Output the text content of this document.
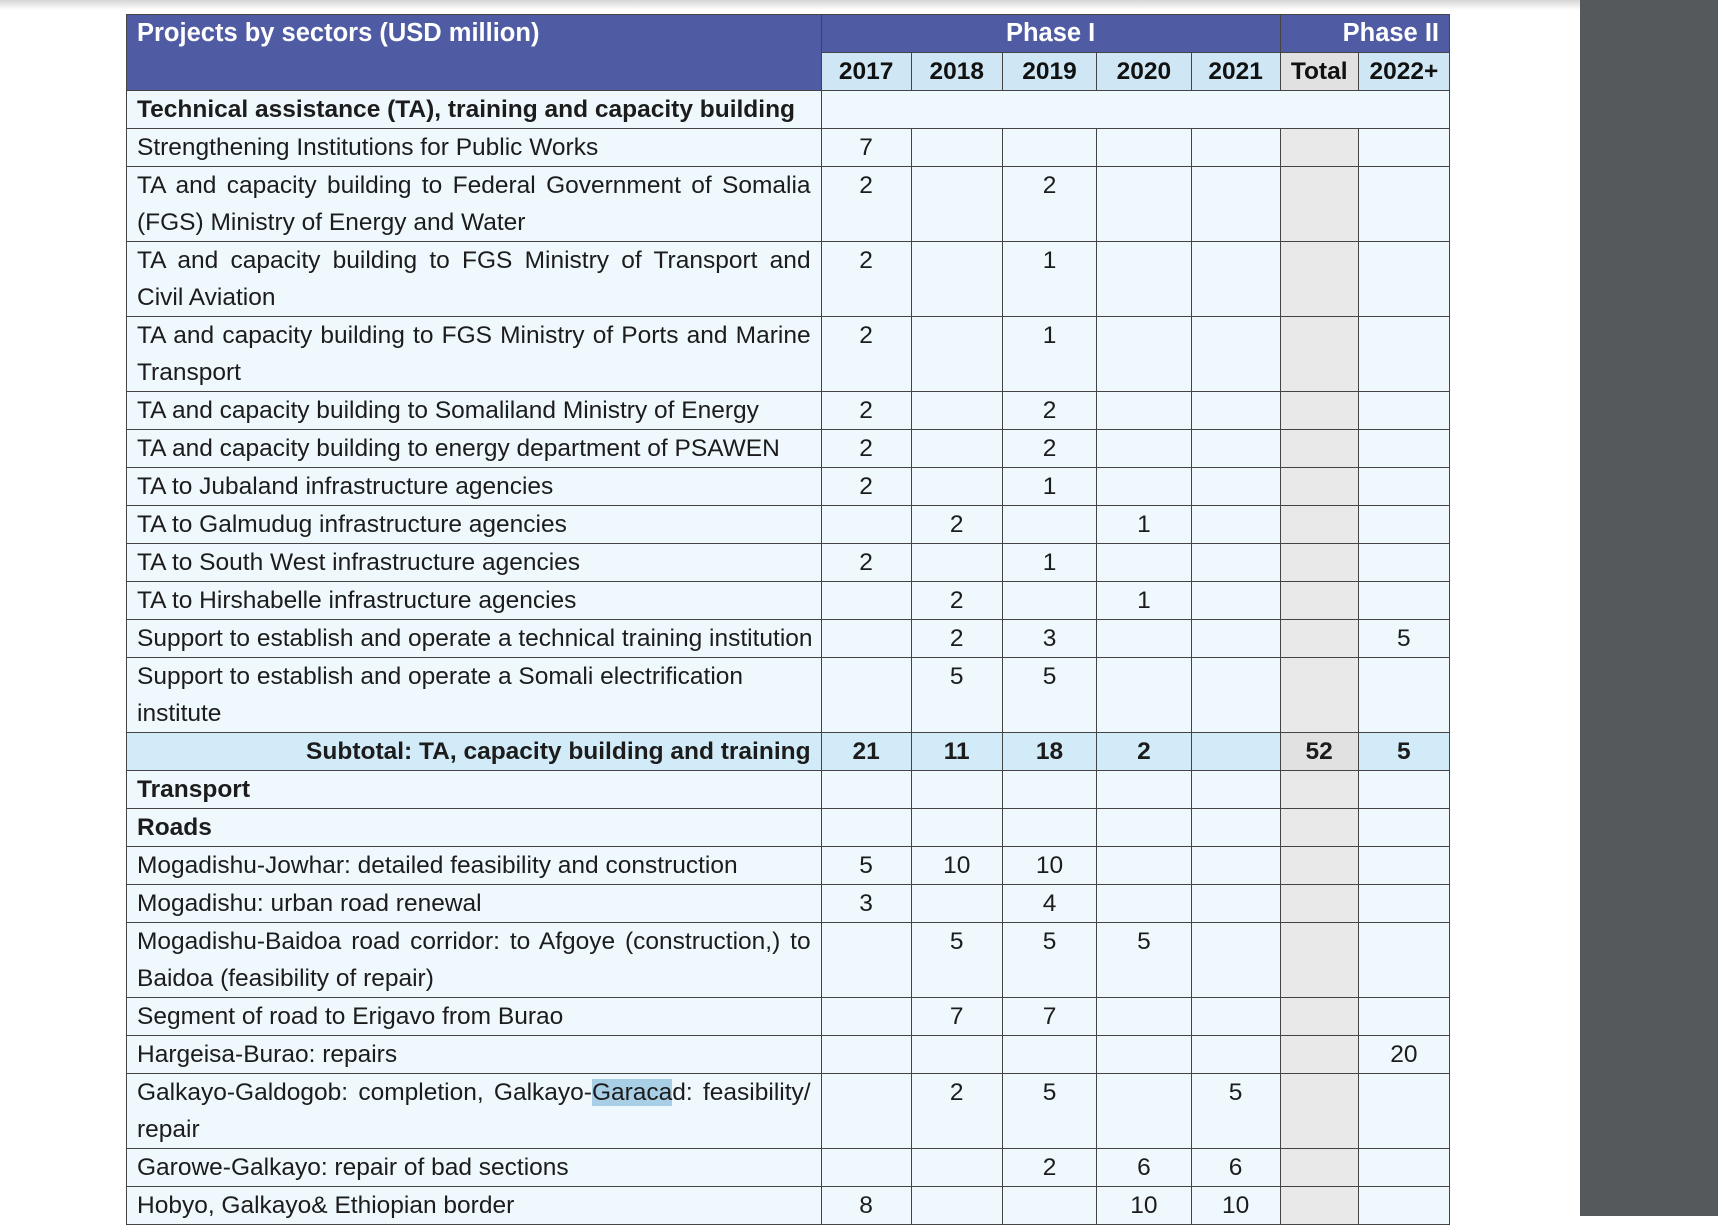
Projects by sectors (USD million)	Phase I					Phase II	
	2017	2018	2019	2020	2021	Total	2022+
Technical assistance (TA), training and capacity building							
Strengthening Institutions for Public Works	7						
TA and capacity building to Federal Government of Somalia (FGS) Ministry of Energy and Water	2		2				
TA and capacity building to FGS Ministry of Transport and Civil Aviation	2		1				
TA and capacity building to FGS Ministry of Ports and Marine Transport	2		1				
TA and capacity building to Somaliland Ministry of Energy	2		2				
TA and capacity building to energy department of PSAWEN	2		2				
TA to Jubaland infrastructure agencies	2		1				
TA to Galmudug infrastructure agencies		2		1			
TA to South West infrastructure agencies	2		1				
TA to Hirshabelle infrastructure agencies		2		1			
Support to establish and operate a technical training institution		2	3				5
Support to establish and operate a Somali electrification institute		5	5				
Subtotal: TA, capacity building and training	21	11	18	2		52	5
Transport							
Roads							
Mogadishu-Jowhar: detailed feasibility and construction	5	10	10				
Mogadishu: urban road renewal	3		4				
Mogadishu-Baidoa road corridor: to Afgoye (construction,) to Baidoa (feasibility of repair)		5	5	5			
Segment of road to Erigavo from Burao		7	7				
Hargeisa-Burao: repairs							20
Galkayo-Galdogob: completion, Galkayo-Garacad: feasibility/ repair		2	5		5		
Garowe-Galkayo: repair of bad sections			2	6	6		
Hobyo, Galkayo& Ethiopian border	8			10	10		
